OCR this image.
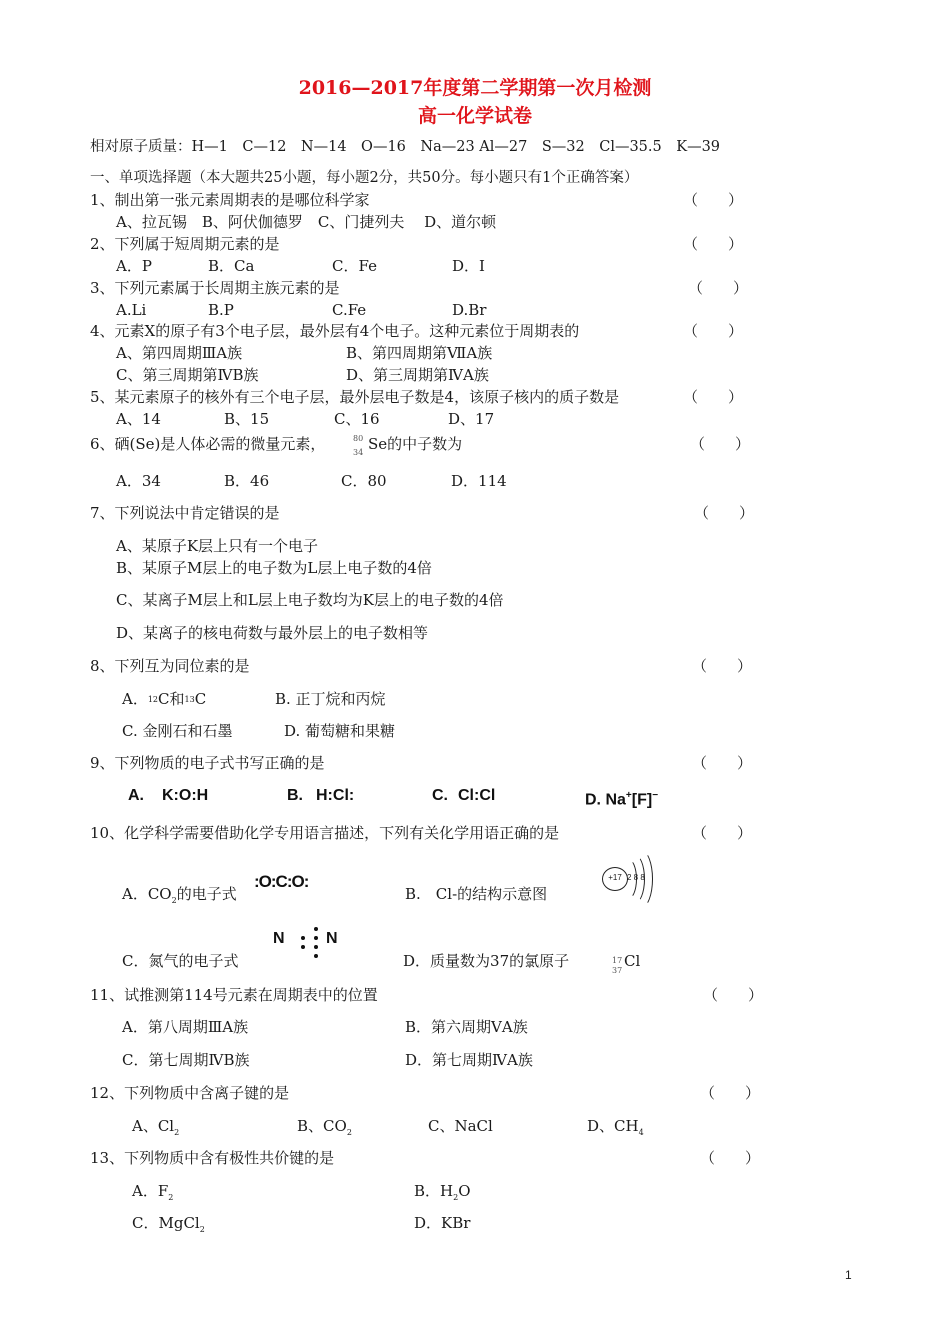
2016—2017年度第二学期第一次月检测
高一化学试卷
相对原子质量：H—1　C—12　N—14　O—16　Na—23 Al—27　S—32　Cl—35.5　K—39
一、单项选择题（本大题共25小题，每小题2分，共50分。每小题只有1个正确答案）
1、制出第一张元素周期表的是哪位科学家	（　　）
A、拉瓦锡　B、阿伏伽德罗　C、门捷列夫　 D、道尔顿
2、下列属于短周期元素的是	（　　）
A．P	B．Ca	C．Fe	D．I
3、下列元素属于长周期主族元素的是	（　　）
A.Li	B.P	C.Fe	D.Br
4、元素X的原子有3个电子层，最外层有4个电子。这种元素位于周期表的	（　　）
A、第四周期ⅢA族	B、第四周期第ⅦA族
C、第三周期第ⅣB族	D、第三周期第ⅣA族
5、某元素原子的核外有三个电子层，最外层电子数是4，该原子核内的质子数是	（　　）
A、14	B、15	C、16	D、17
6、硒(Se)是人体必需的微量元素，	80
34 Se的中子数为	（　　）
A．34	B．46	C．80	D．114
7、下列说法中肯定错误的是	（　　）
A、某原子K层上只有一个电子
B、某原子M层上的电子数为L层上电子数的4倍
C、某离子M层上和L层上电子数均为K层上的电子数的4倍
D、某离子的核电荷数与最外层上的电子数相等
8、下列互为同位素的是	（　　）
A．12C和13C	B. 正丁烷和丙烷
C. 金刚石和石墨	D. 葡萄糖和果糖
9、下列物质的电子式书写正确的是	（　　）
A. K:O:H	B. H:Cl:	C. Cl:Cl	D. Na+[F]−
10、化学科学需要借助化学专用语言描述，下列有关化学用语正确的是	（　　）
A．$CO_2$的电子式
:O:C:O:
B.　Cl-的结构示意图
+17 2 8 8
C．氮气的电子式
N	N
D．质量数为37的氯原子	17
37
Cl
11、试推测第114号元素在周期表中的位置	（　　）
A．第八周期ⅢA族	B．第六周期ⅤA族
C．第七周期ⅣB族	D．第七周期ⅣA族
12、下列物质中含离子键的是	（　　）
A、$Cl_2$	B、$CO_2$	C、NaCl	D、$CH_4$
13、下列物质中含有极性共价键的是	（　　）
A．$F_2$	B．$H_2O$
C．MgCl$_2$	D．KBr
1
